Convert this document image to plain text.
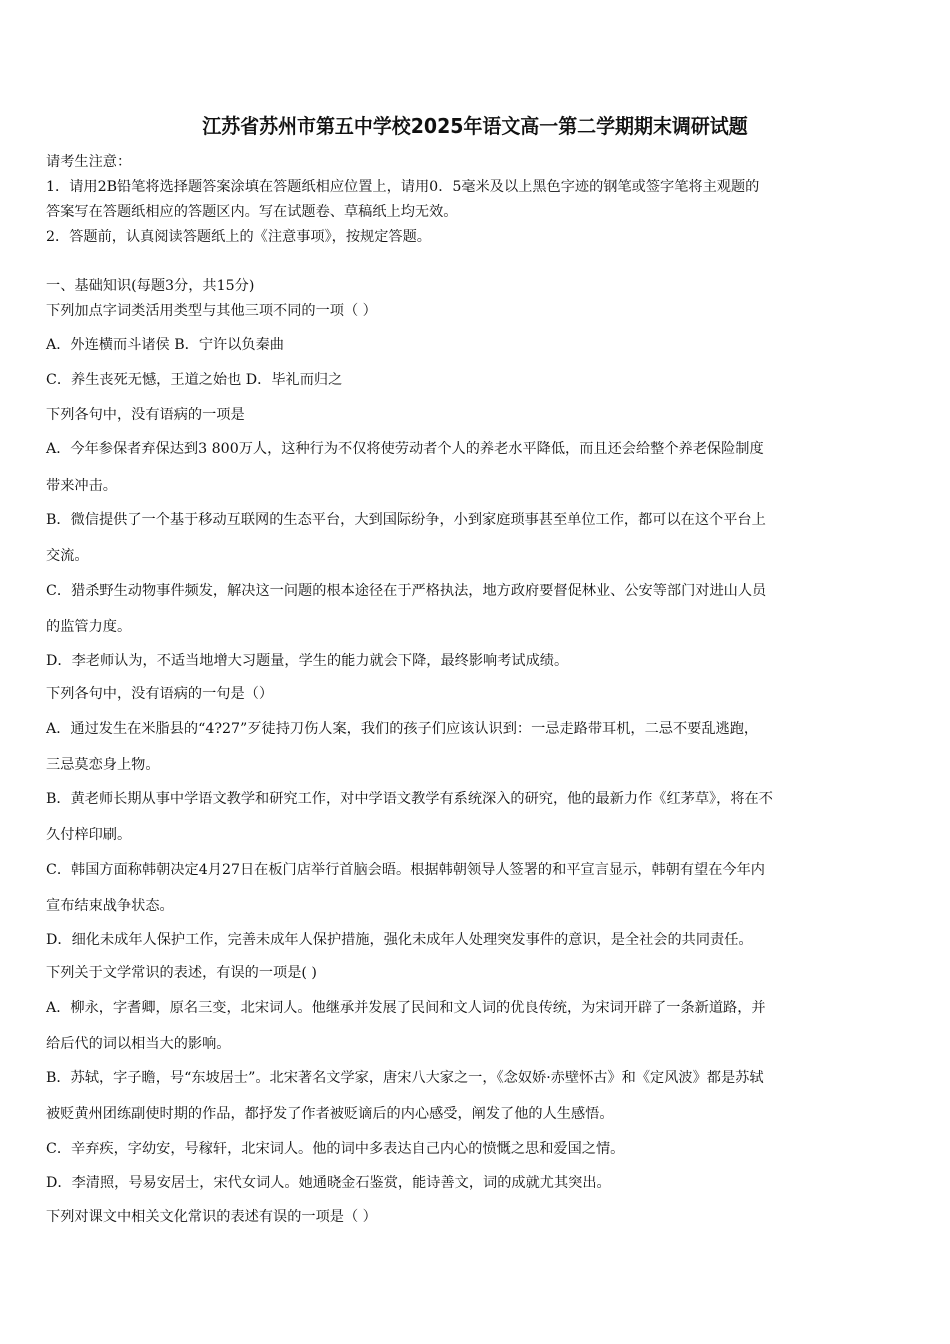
江苏省苏州市第五中学校2025年语文高一第二学期期末调研试题
请考生注意：
1．请用2B铅笔将选择题答案涂填在答题纸相应位置上，请用0．5毫米及以上黑色字迹的钢笔或签字笔将主观题的
答案写在答题纸相应的答题区内。写在试题卷、草稿纸上均无效。
2．答题前，认真阅读答题纸上的《注意事项》，按规定答题。
一、基础知识(每题3分，共15分)
下列加点字词类活用类型与其他三项不同的一项（ ）
A．外连横而斗诸侯 B．宁许以负秦曲
C．养生丧死无憾，王道之始也 D．毕礼而归之
下列各句中，没有语病的一项是
A．今年参保者弃保达到3 800万人，这种行为不仅将使劳动者个人的养老水平降低，而且还会给整个养老保险制度
带来冲击。
B．微信提供了一个基于移动互联网的生态平台，大到国际纷争，小到家庭琐事甚至单位工作，都可以在这个平台上
交流。
C．猎杀野生动物事件频发，解决这一问题的根本途径在于严格执法，地方政府要督促林业、公安等部门对进山人员
的监管力度。
D．李老师认为，不适当地增大习题量，学生的能力就会下降，最终影响考试成绩。
下列各句中，没有语病的一句是（）
A．通过发生在米脂县的“4?27”歹徒持刀伤人案，我们的孩子们应该认识到：一忌走路带耳机，二忌不要乱逃跑，
三忌莫恋身上物。
B．黄老师长期从事中学语文教学和研究工作，对中学语文教学有系统深入的研究，他的最新力作《红茅草》，将在不
久付梓印刷。
C．韩国方面称韩朝决定4月27日在板门店举行首脑会晤。根据韩朝领导人签署的和平宣言显示，韩朝有望在今年内
宣布结束战争状态。
D．细化未成年人保护工作，完善未成年人保护措施，强化未成年人处理突发事件的意识，是全社会的共同责任。
下列关于文学常识的表述，有误的一项是( )
A．柳永，字耆卿，原名三变，北宋词人。他继承并发展了民间和文人词的优良传统，为宋词开辟了一条新道路，并
给后代的词以相当大的影响。
B．苏轼，字子瞻，号“东坡居士”。北宋著名文学家，唐宋八大家之一，《念奴娇·赤壁怀古》和《定风波》都是苏轼
被贬黄州团练副使时期的作品，都抒发了作者被贬谪后的内心感受，阐发了他的人生感悟。
C．辛弃疾，字幼安，号稼轩，北宋词人。他的词中多表达自己内心的愤慨之思和爱国之情。
D．李清照，号易安居士，宋代女词人。她通晓金石鉴赏，能诗善文，词的成就尤其突出。
下列对课文中相关文化常识的表述有误的一项是（ ）
